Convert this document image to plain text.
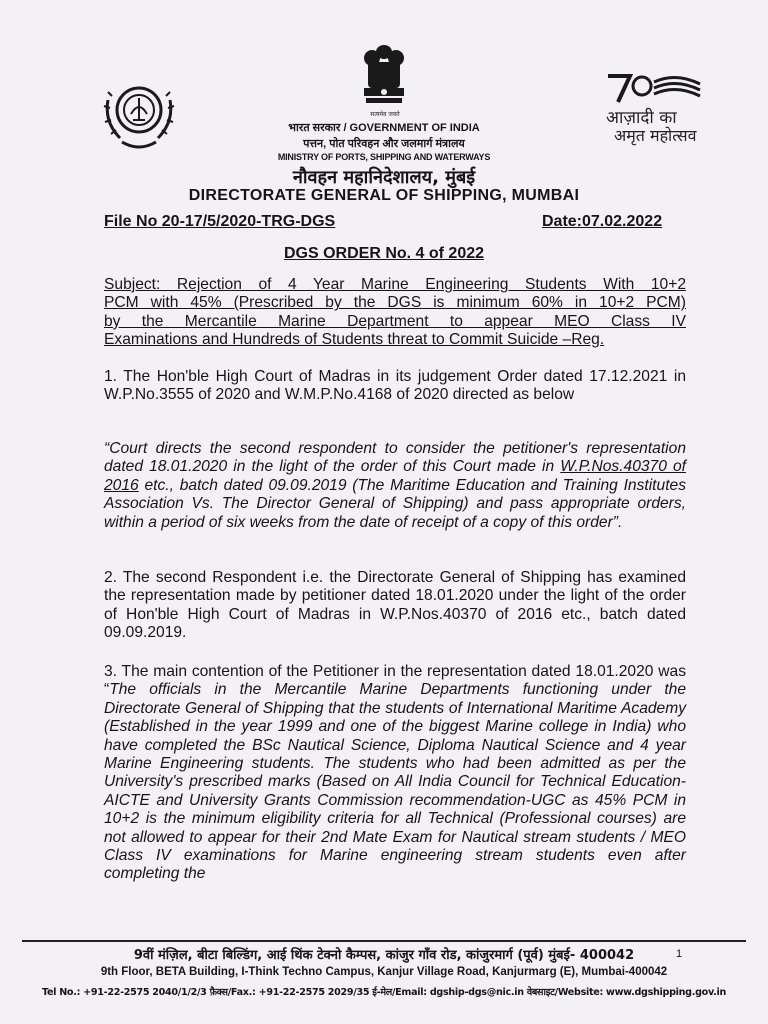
सत्यमेव जयते	आज़ादी का
अमृत महोत्सव
भारत सरकार / GOVERNMENT OF INDIA
पत्तन, पोत परिवहन और जलमार्ग मंत्रालय
MINISTRY OF PORTS, SHIPPING AND WATERWAYS
नौवहन महानिदेशालय, मुंबई
DIRECTORATE GENERAL OF SHIPPING, MUMBAI
File No 20-17/5/2020-TRG-DGS	Date:07.02.2022
DGS ORDER No. 4 of 2022
Subject: Rejection of 4 Year Marine Engineering Students With 10+2
PCM with 45% (Prescribed by the DGS is minimum 60% in 10+2 PCM)
by the Mercantile Marine Department to appear MEO Class IV
Examinations and Hundreds of Students threat to Commit Suicide –Reg.
1. The Hon'ble High Court of Madras in its judgement Order dated 17.12.2021 in W.P.No.3555 of 2020 and W.M.P.No.4168 of 2020 directed as below
“Court directs the second respondent to consider the petitioner's representation dated 18.01.2020 in the light of the order of this Court made in W.P.Nos.40370 of 2016 etc., batch dated 09.09.2019 (The Maritime Education and Training Institutes Association Vs. The Director General of Shipping) and pass appropriate orders, within a period of six weeks from the date of receipt of a copy of this order”.
2. The second Respondent i.e. the Directorate General of Shipping has examined the representation made by petitioner dated 18.01.2020 under the light of the order of Hon'ble High Court of Madras in W.P.Nos.40370 of 2016 etc., batch dated 09.09.2019.
3. The main contention of the Petitioner in the representation dated 18.01.2020 was “The officials in the Mercantile Marine Departments functioning under the Directorate General of Shipping that the students of International Maritime Academy (Established in the year 1999 and one of the biggest Marine college in India) who have completed the BSc Nautical Science, Diploma Nautical Science and 4 year Marine Engineering students. The students who had been admitted as per the University's prescribed marks (Based on All India Council for Technical Education-AICTE and University Grants Commission recommendation-UGC as 45% PCM in 10+2 is the minimum eligibility criteria for all Technical (Professional courses) are not allowed to appear for their 2nd Mate Exam for Nautical stream students / MEO Class IV examinations for Marine engineering stream students even after completing the
9वीं मंज़िल, बीटा बिल्डिंग, आई थिंक टेक्नो कैम्पस, कांजुर गाँव रोड, कांजुरमार्ग (पूर्व) मुंबई- 400042	1
9th Floor, BETA Building, I-Think Techno Campus, Kanjur Village Road, Kanjurmarg (E), Mumbai-400042
Tel No.: +91-22-2575 2040/1/2/3 फ़ैक्स/Fax.: +91-22-2575 2029/35 ई-मेल/Email: dgship-dgs@nic.in वेबसाइट/Website: www.dgshipping.gov.in
